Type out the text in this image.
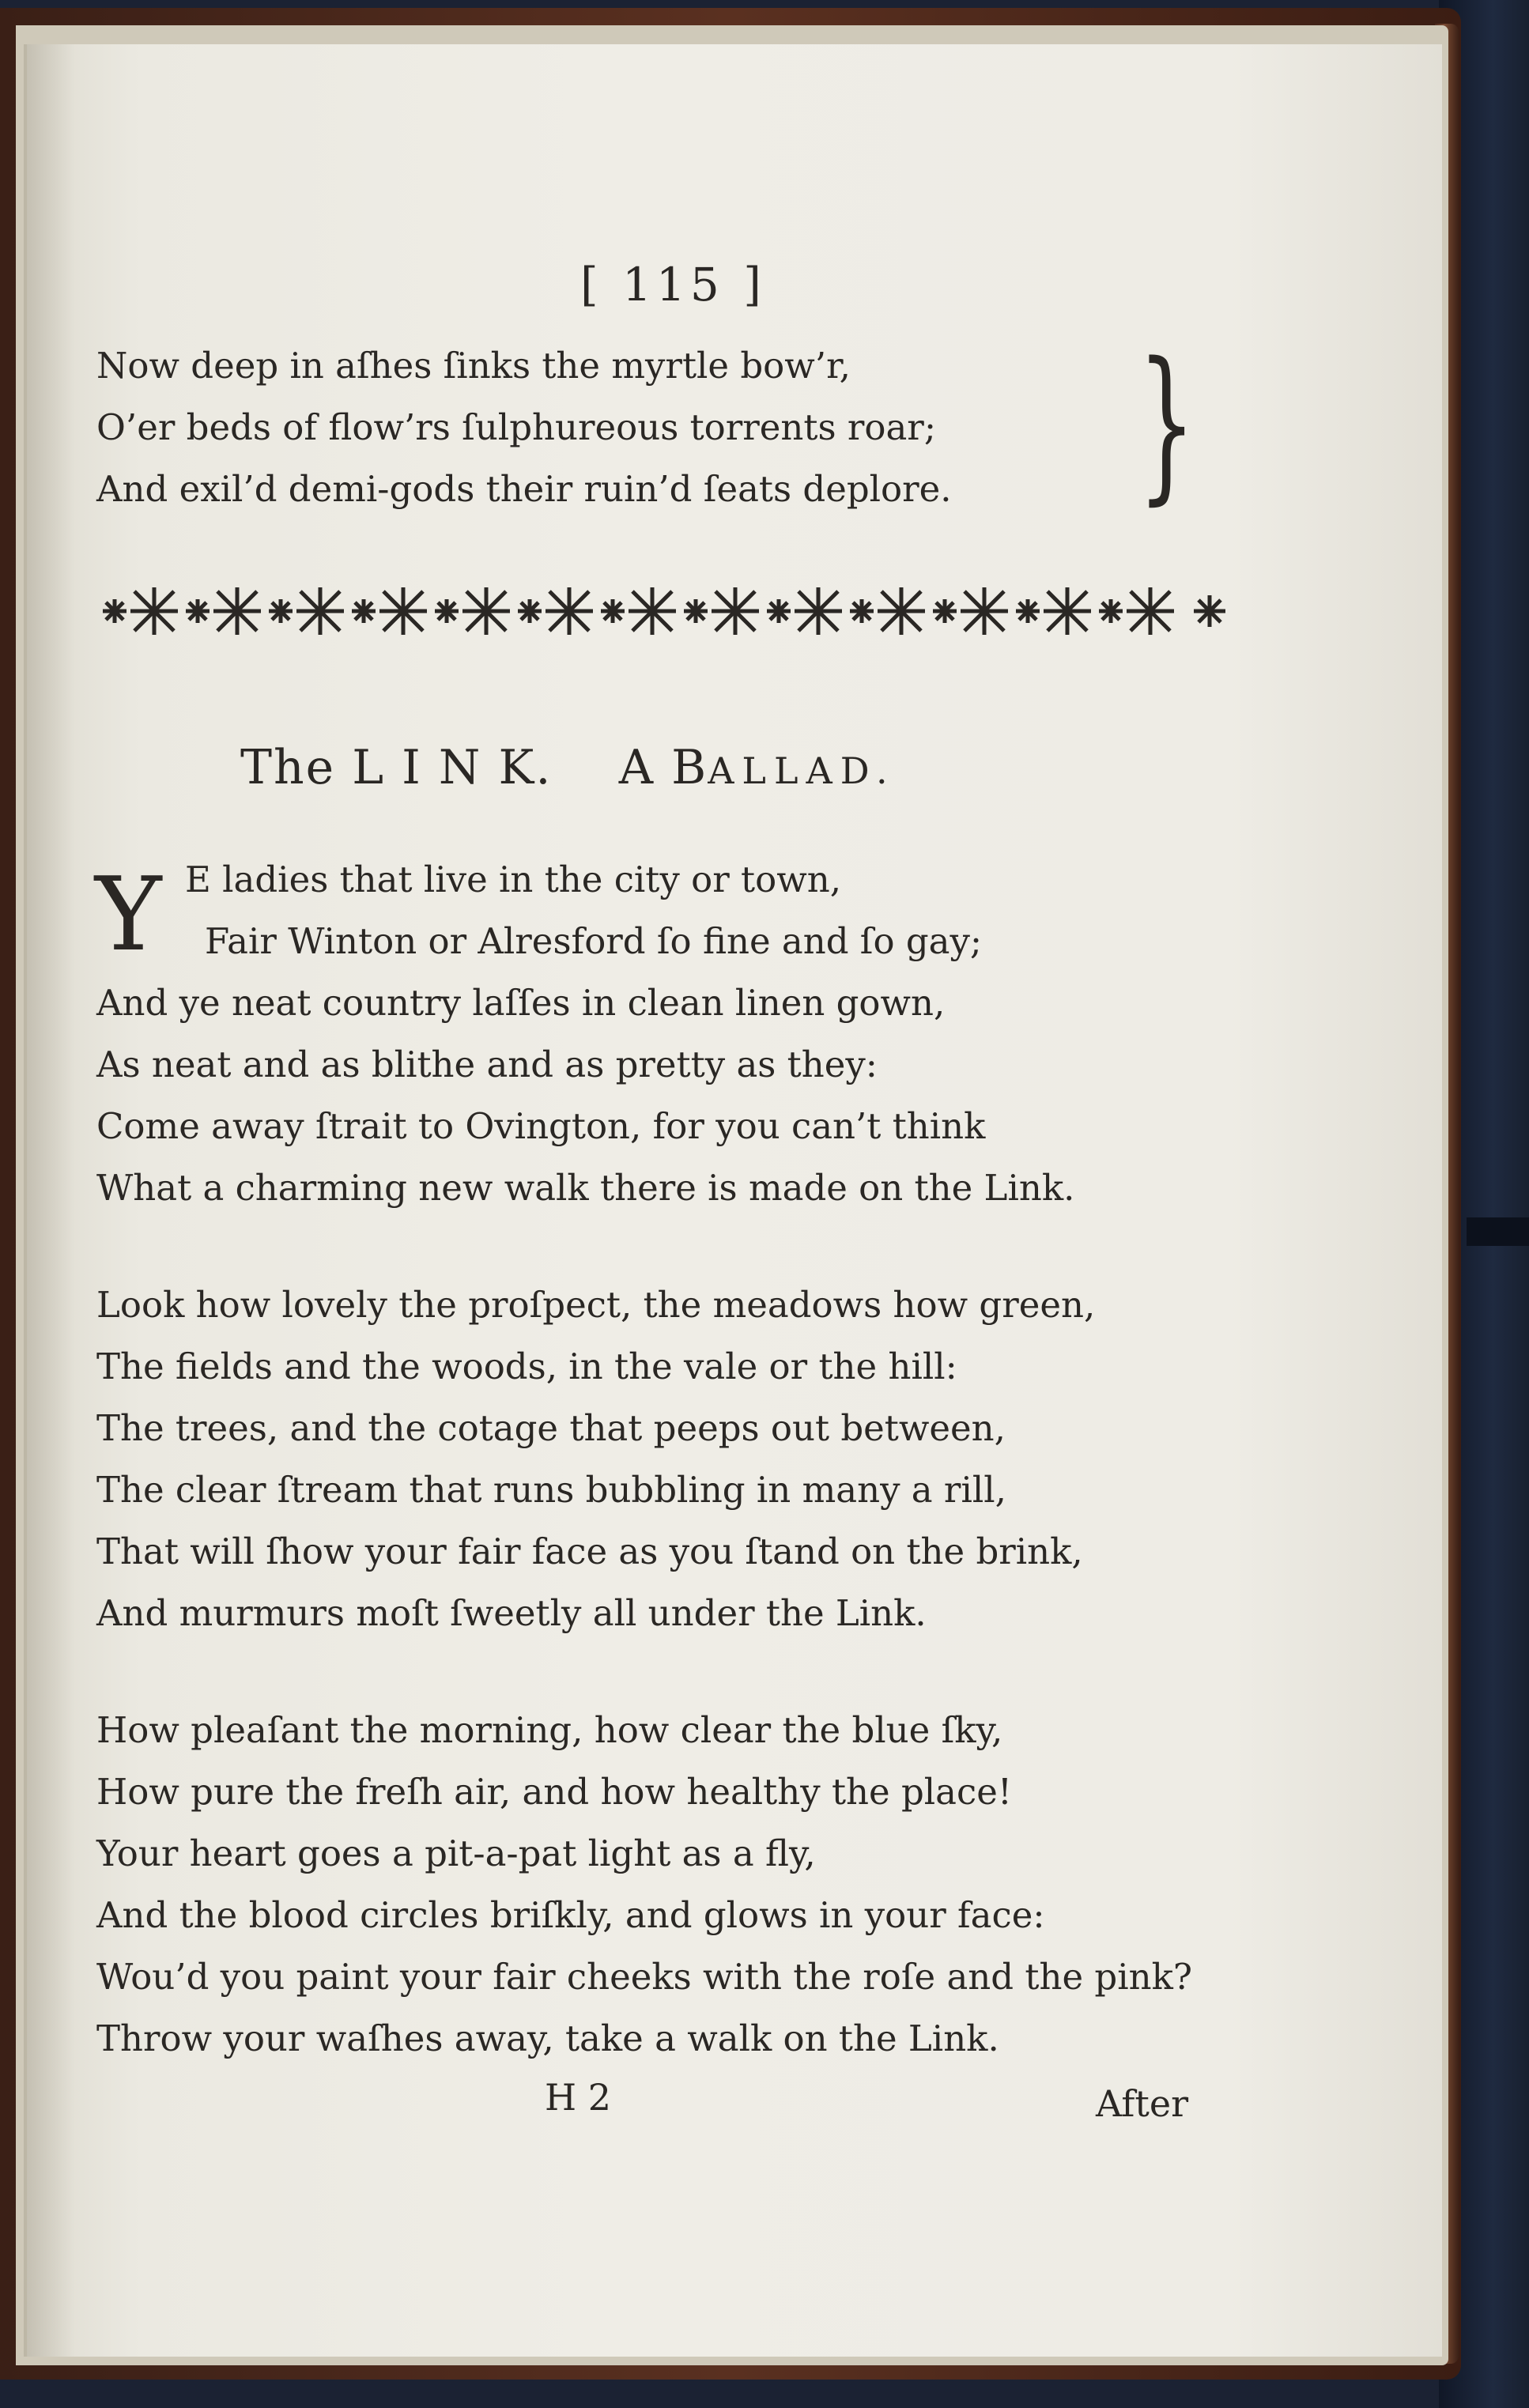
[ 115 ]
Now deep in aſhes ſinks the myrtle bow’r,
O’er beds of flow’rs ſulphureous torrents roar;
And exil’d demi-gods their ruin’d ſeats deplore. }
The L I N K. A BALLAD.
Y E ladies that live in the city or town,
Fair Winton or Alresford ſo fine and ſo gay;
And ye neat country laſſes in clean linen gown,
As neat and as blithe and as pretty as they:
Come away ſtrait to Ovington, for you can’t think
What a charming new walk there is made on the Link.
Look how lovely the proſpect, the meadows how green,
The fields and the woods, in the vale or the hill:
The trees, and the cotage that peeps out between,
The clear ſtream that runs bubbling in many a rill,
That will ſhow your fair face as you ſtand on the brink,
And murmurs moſt ſweetly all under the Link.
How pleaſant the morning, how clear the blue ſky,
How pure the freſh air, and how healthy the place!
Your heart goes a pit-a-pat light as a fly,
And the blood circles briſkly, and glows in your face:
Wou’d you paint your fair cheeks with the roſe and the pink?
Throw your waſhes away, take a walk on the Link.
H 2	After
